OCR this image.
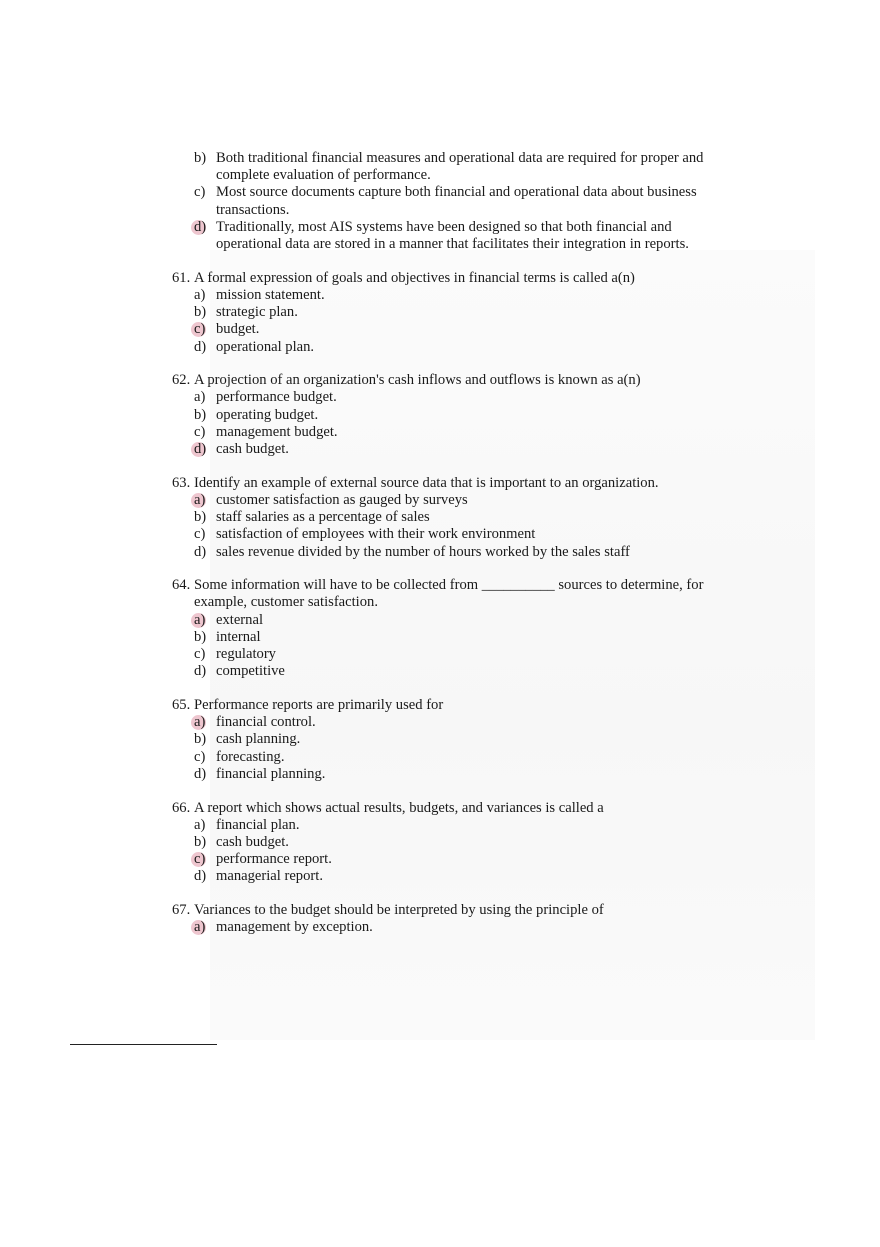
b) Both traditional financial measures and operational data are required for proper and complete evaluation of performance.
c) Most source documents capture both financial and operational data about business transactions.
d) Traditionally, most AIS systems have been designed so that both financial and operational data are stored in a manner that facilitates their integration in reports.
61. A formal expression of goals and objectives in financial terms is called a(n)
a) mission statement.
b) strategic plan.
c) budget.
d) operational plan.
62. A projection of an organization's cash inflows and outflows is known as a(n)
a) performance budget.
b) operating budget.
c) management budget.
d) cash budget.
63. Identify an example of external source data that is important to an organization.
a) customer satisfaction as gauged by surveys
b) staff salaries as a percentage of sales
c) satisfaction of employees with their work environment
d) sales revenue divided by the number of hours worked by the sales staff
64. Some information will have to be collected from __________ sources to determine, for example, customer satisfaction.
a) external
b) internal
c) regulatory
d) competitive
65. Performance reports are primarily used for
a) financial control.
b) cash planning.
c) forecasting.
d) financial planning.
66. A report which shows actual results, budgets, and variances is called a
a) financial plan.
b) cash budget.
c) performance report.
d) managerial report.
67. Variances to the budget should be interpreted by using the principle of
a) management by exception.
